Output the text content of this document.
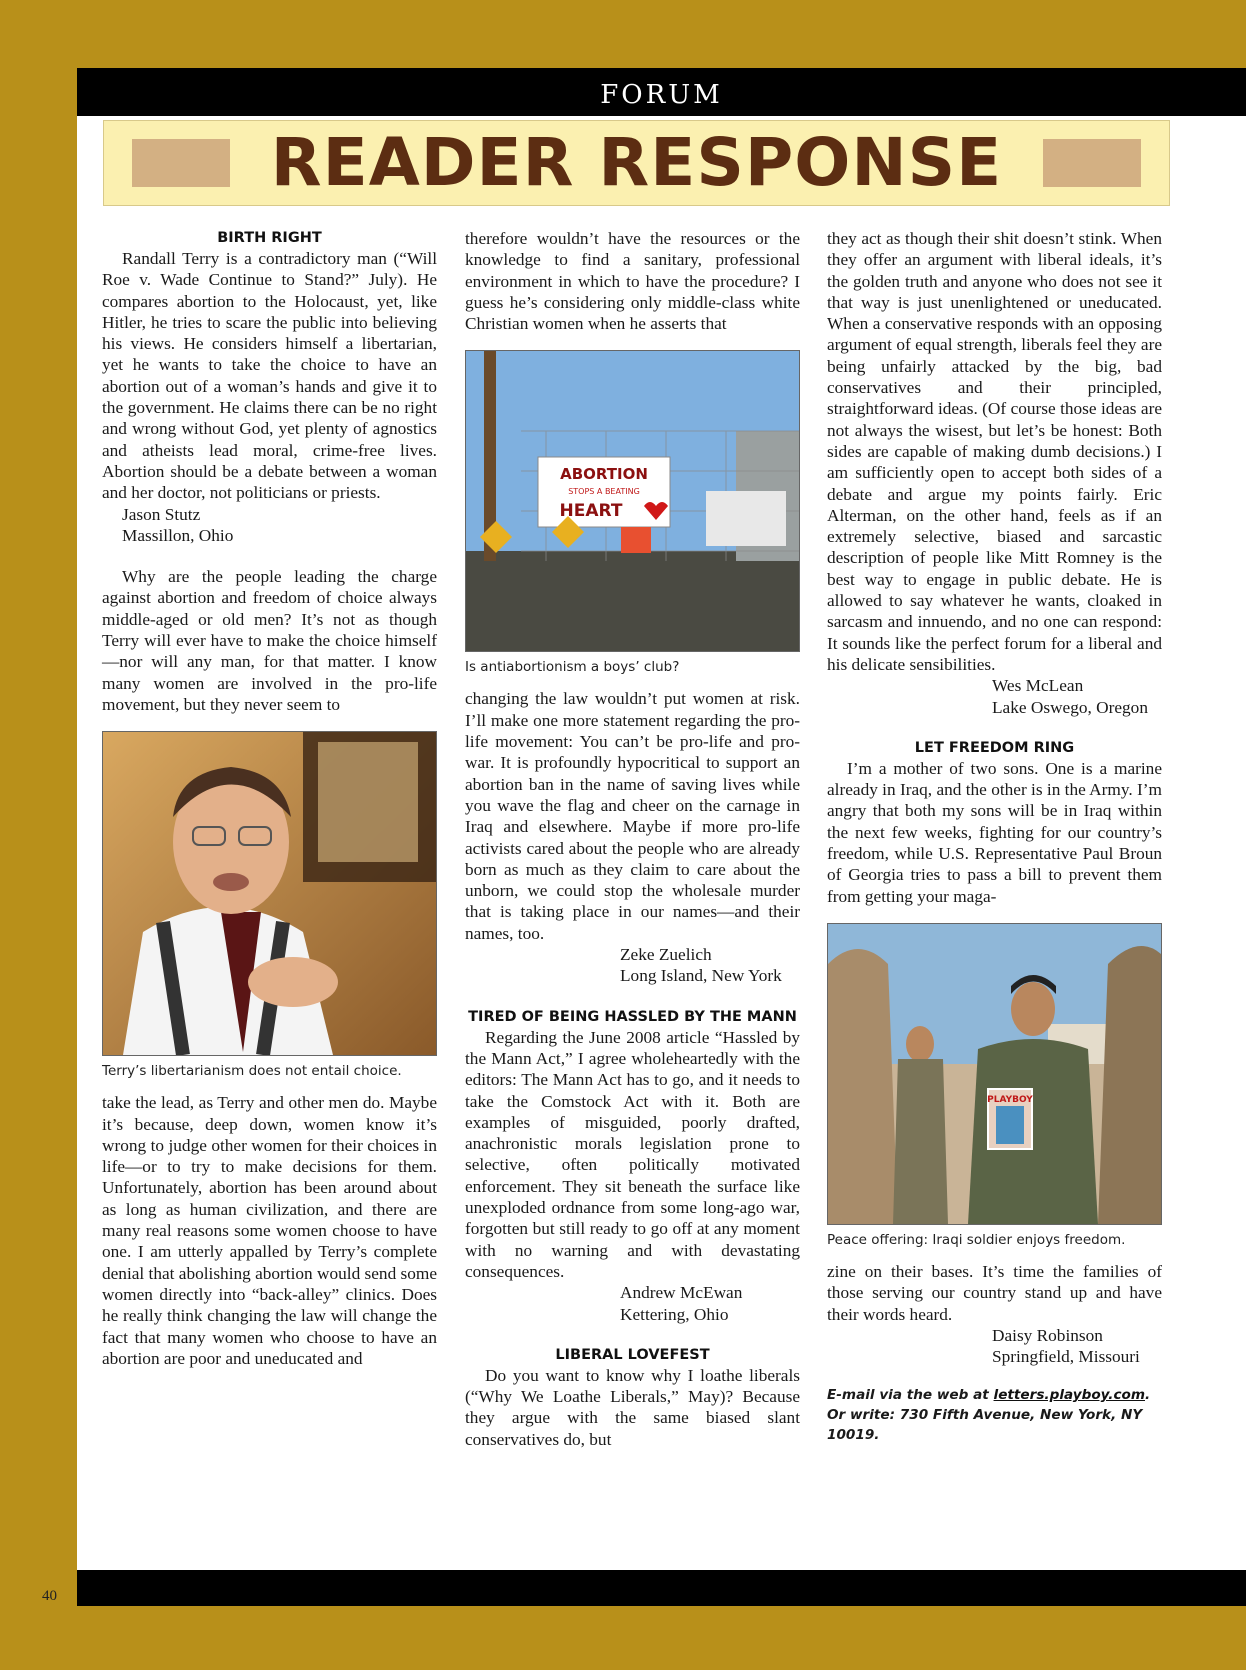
FORUM
READER RESPONSE
BIRTH RIGHT

Randall Terry is a contradictory man (“Will Roe v. Wade Continue to Stand?” July). He compares abortion to the Holocaust, yet, like Hitler, he tries to scare the public into believing his views. He considers himself a libertarian, yet he wants to take the choice to have an abortion out of a woman’s hands and give it to the government. He claims there can be no right and wrong without God, yet plenty of agnostics and atheists lead moral, crime-free lives. Abortion should be a debate between a woman and her doctor, not politicians or priests.

Jason Stutz

Massillon, Ohio

Why are the people leading the charge against abortion and freedom of choice always middle-aged or old men? It’s not as though Terry will ever have to make the choice himself—nor will any man, for that matter. I know many women are involved in the pro-life movement, but they never seem to

Terry’s libertarianism does not entail choice.

take the lead, as Terry and other men do. Maybe it’s because, deep down, women know it’s wrong to judge other women for their choices in life—or to try to make decisions for them. Unfortunately, abortion has been around about as long as human civilization, and there are many real reasons some women choose to have one. I am utterly appalled by Terry’s complete denial that abolishing abortion would send some women directly into “back-alley” clinics. Does he really think changing the law will change the fact that many women who choose to have an abortion are poor and uneducated and

therefore wouldn’t have the resources or the knowledge to find a sanitary, professional environment in which to have the procedure? I guess he’s considering only middle-class white Christian women when he asserts that

ABORTION
STOPS A BEATING
HEART
Is antiabortionism a boys’ club?

changing the law wouldn’t put women at risk. I’ll make one more statement regarding the pro-life movement: You can’t be pro-life and pro-war. It is profoundly hypocritical to support an abortion ban in the name of saving lives while you wave the flag and cheer on the carnage in Iraq and elsewhere. Maybe if more pro-life activists cared about the people who are already born as much as they claim to care about the unborn, we could stop the wholesale murder that is taking place in our names—and their names, too.

Zeke Zuelich

Long Island, New York

TIRED OF BEING HASSLED BY THE MANN

Regarding the June 2008 article “Hassled by the Mann Act,” I agree wholeheartedly with the editors: The Mann Act has to go, and it needs to take the Comstock Act with it. Both are examples of misguided, poorly drafted, anachronistic morals legislation prone to selective, often politically motivated enforcement. They sit beneath the surface like unexploded ordnance from some long-ago war, forgotten but still ready to go off at any moment with no warning and with devastating consequences.

Andrew McEwan

Kettering, Ohio

LIBERAL LOVEFEST

Do you want to know why I loathe liberals (“Why We Loathe Liberals,” May)? Because they argue with the same biased slant conservatives do, but

they act as though their shit doesn’t stink. When they offer an argument with liberal ideals, it’s the golden truth and anyone who does not see it that way is just unenlightened or uneducated. When a conservative responds with an opposing argument of equal strength, liberals feel they are being unfairly attacked by the big, bad conservatives and their principled, straightforward ideas. (Of course those ideas are not always the wisest, but let’s be honest: Both sides are capable of making dumb decisions.) I am sufficiently open to accept both sides of a debate and argue my points fairly. Eric Alterman, on the other hand, feels as if an extremely selective, biased and sarcastic description of people like Mitt Romney is the best way to engage in public debate. He is allowed to say whatever he wants, cloaked in sarcasm and innuendo, and no one can respond: It sounds like the perfect forum for a liberal and his delicate sensibilities.

Wes McLean

Lake Oswego, Oregon

LET FREEDOM RING

I’m a mother of two sons. One is a marine already in Iraq, and the other is in the Army. I’m angry that both my sons will be in Iraq within the next few weeks, fighting for our country’s freedom, while U.S. Representative Paul Broun of Georgia tries to pass a bill to prevent them from getting your maga-

PLAYBOY
Peace offering: Iraqi soldier enjoys freedom.

zine on their bases. It’s time the families of those serving our country stand up and have their words heard.

Daisy Robinson

Springfield, Missouri

E-mail via the web at letters.playboy.com. Or write: 730 Fifth Avenue, New York, NY 10019.
40
